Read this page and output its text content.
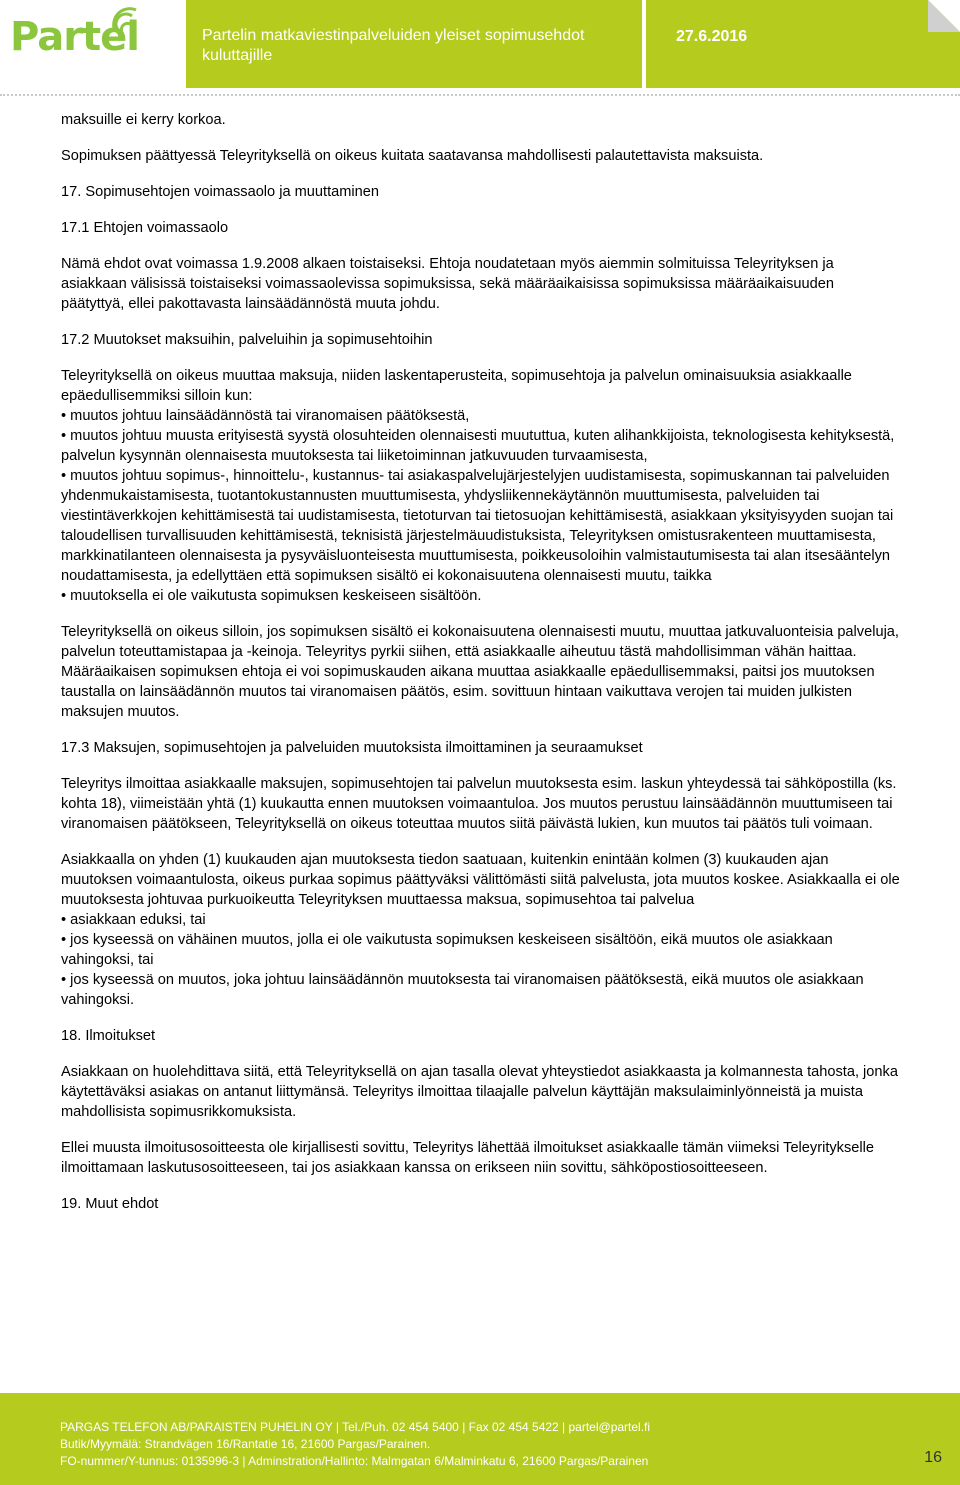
Partel	Partelin matkaviestinpalveluiden yleiset sopimusehdot kuluttajille
27.6.2016

maksuille ei kerry korkoa.

Sopimuksen päättyessä Teleyrityksellä on oikeus kuitata saatavansa mahdollisesti palautettavista maksuista.

17. Sopimusehtojen voimassaolo ja muuttaminen

17.1 Ehtojen voimassaolo

Nämä ehdot ovat voimassa 1.9.2008 alkaen toistaiseksi. Ehtoja noudatetaan myös aiemmin solmituissa Teleyrityksen ja asiakkaan välisissä toistaiseksi voimassaolevissa sopimuksissa, sekä määräaikaisissa sopimuksissa määräaikaisuuden päätyttyä, ellei pakottavasta lainsäädännöstä muuta johdu.

17.2 Muutokset maksuihin, palveluihin ja sopimusehtoihin

Teleyrityksellä on oikeus muuttaa maksuja, niiden laskentaperusteita, sopimusehtoja ja palvelun ominaisuuksia asiakkaalle epäedullisemmiksi silloin kun:

• muutos johtuu lainsäädännöstä tai viranomaisen päätöksestä,

• muutos johtuu muusta erityisestä syystä olosuhteiden olennaisesti muututtua, kuten alihankkijoista, teknologisesta kehityksestä, palvelun kysynnän olennaisesta muutoksesta tai liiketoiminnan jatkuvuuden turvaamisesta,

• muutos johtuu sopimus-, hinnoittelu-, kustannus- tai asiakaspalvelujärjestelyjen uudistamisesta, sopimuskannan tai palveluiden yhdenmukaistamisesta, tuotantokustannusten muuttumisesta, yhdysliikennekäytännön muuttumisesta, palveluiden tai viestintäverkkojen kehittämisestä tai uudistamisesta, tietoturvan tai tietosuojan kehittämisestä, asiakkaan yksityisyyden suojan tai taloudellisen turvallisuuden kehittämisestä, teknisistä järjestelmäuudistuksista, Teleyrityksen omistusrakenteen muuttamisesta, markkinatilanteen olennaisesta ja pysyväisluonteisesta muuttumisesta, poikkeusoloihin valmistautumisesta tai alan itsesääntelyn noudattamisesta, ja edellyttäen että sopimuksen sisältö ei kokonaisuutena olennaisesti muutu, taikka

• muutoksella ei ole vaikutusta sopimuksen keskeiseen sisältöön.

Teleyrityksellä on oikeus silloin, jos sopimuksen sisältö ei kokonaisuutena olennaisesti muutu, muuttaa jatkuvaluonteisia palveluja, palvelun toteuttamistapaa ja -keinoja. Teleyritys pyrkii siihen, että asiakkaalle aiheutuu tästä mahdollisimman vähän haittaa.

Määräaikaisen sopimuksen ehtoja ei voi sopimuskauden aikana muuttaa asiakkaalle epäedullisemmaksi, paitsi jos muutoksen taustalla on lainsäädännön muutos tai viranomaisen päätös, esim. sovittuun hintaan vaikuttava verojen tai muiden julkisten maksujen muutos.

17.3 Maksujen, sopimusehtojen ja palveluiden muutoksista ilmoittaminen ja seuraamukset

Teleyritys ilmoittaa asiakkaalle maksujen, sopimusehtojen tai palvelun muutoksesta esim. laskun yhteydessä tai sähköpostilla (ks. kohta 18), viimeistään yhtä (1) kuukautta ennen muutoksen voimaantuloa. Jos muutos perustuu lainsäädännön muuttumiseen tai viranomaisen päätökseen, Teleyrityksellä on oikeus toteuttaa muutos siitä päivästä lukien, kun muutos tai päätös tuli voimaan.

Asiakkaalla on yhden (1) kuukauden ajan muutoksesta tiedon saatuaan, kuitenkin enintään kolmen (3) kuukauden ajan muutoksen voimaantulosta, oikeus purkaa sopimus päättyväksi välittömästi siitä palvelusta, jota muutos koskee. Asiakkaalla ei ole muutoksesta johtuvaa purkuoikeutta Teleyrityksen muuttaessa maksua, sopimusehtoa tai palvelua

• asiakkaan eduksi, tai

• jos kyseessä on vähäinen muutos, jolla ei ole vaikutusta sopimuksen keskeiseen sisältöön, eikä muutos ole asiakkaan vahingoksi, tai

• jos kyseessä on muutos, joka johtuu lainsäädännön muutoksesta tai viranomaisen päätöksestä, eikä muutos ole asiakkaan vahingoksi.

18. Ilmoitukset

Asiakkaan on huolehdittava siitä, että Teleyrityksellä on ajan tasalla olevat yhteystiedot asiakkaasta ja kolmannesta tahosta, jonka käytettäväksi asiakas on antanut liittymänsä. Teleyritys ilmoittaa tilaajalle palvelun käyttäjän maksulaiminlyönneistä ja muista mahdollisista sopimusrikkomuksista.

Ellei muusta ilmoitusosoitteesta ole kirjallisesti sovittu, Teleyritys lähettää ilmoitukset asiakkaalle tämän viimeksi Teleyritykselle ilmoittamaan laskutusosoitteeseen, tai jos asiakkaan kanssa on erikseen niin sovittu, sähköpostiosoitteeseen.

19. Muut ehdot

PARGAS TELEFON AB/PARAISTEN PUHELIN OY | Tel./Puh. 02 454 5400 | Fax 02 454 5422 | partel@partel.fi
Butik/Myymälä: Strandvägen 16/Rantatie 16, 21600 Pargas/Parainen.
FO-nummer/Y-tunnus: 0135996-3 | Adminstration/Hallinto: Malmgatan 6/Malminkatu 6, 21600 Pargas/Parainen	16
